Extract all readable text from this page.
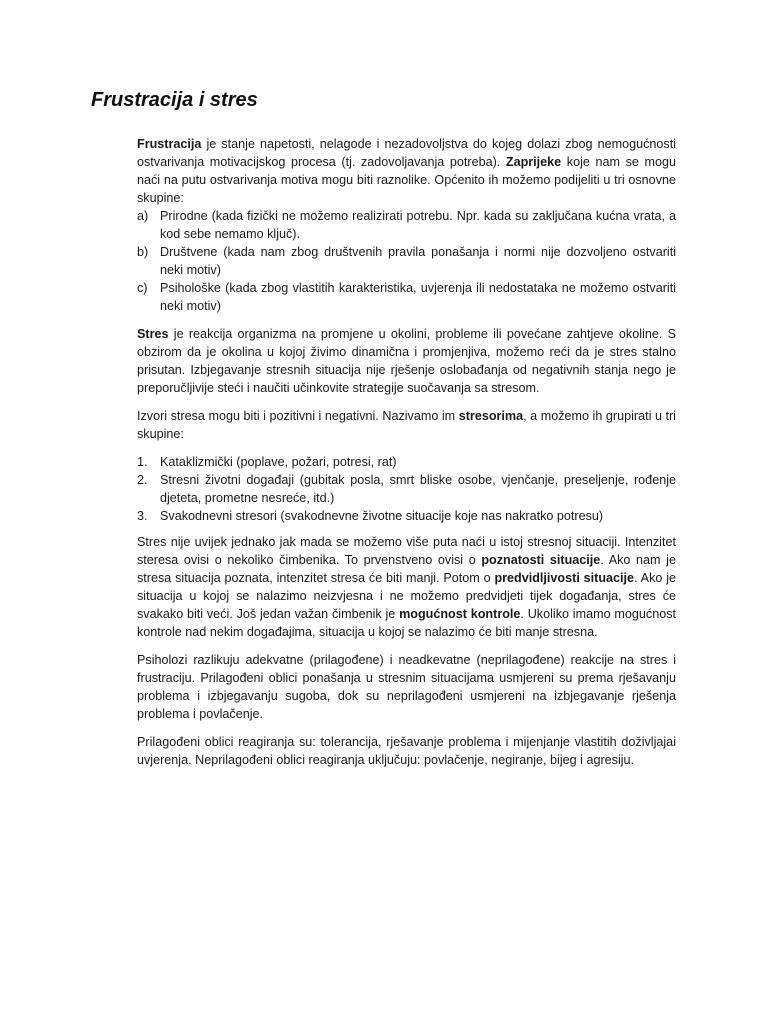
Frustracija i stres

Frustracija je stanje napetosti, nelagode i nezadovoljstva do kojeg dolazi zbog nemogućnosti ostvarivanja motivacijskog procesa (tj. zadovoljavanja potreba). Zaprijeke koje nam se mogu naći na putu ostvarivanja motiva mogu biti raznolike. Općenito ih možemo podijeliti u tri osnovne skupine:

a) Prirodne (kada fizički ne možemo realizirati potrebu. Npr. kada su zaključana kućna vrata, a kod sebe nemamo ključ).
b) Društvene (kada nam zbog društvenih pravila ponašanja i normi nije dozvoljeno ostvariti neki motiv)
c) Psihološke (kada zbog vlastitih karakteristika, uvjerenja ili nedostataka ne možemo ostvariti neki motiv)

Stres je reakcija organizma na promjene u okolini, probleme ili povećane zahtjeve okoline. S obzirom da je okolina u kojoj živimo dinamična i promjenjiva, možemo reći da je stres stalno prisutan. Izbjegavanje stresnih situacija nije rješenje oslobađanja od negativnih stanja nego je preporučljivije steći i naučiti učinkovite strategije suočavanja sa stresom.

Izvori stresa mogu biti i pozitivni i negativni. Nazivamo im stresorima, a možemo ih grupirati u tri skupine:

1. Kataklizmički (poplave, požari, potresi, rat)
2. Stresni životni događaji (gubitak posla, smrt bliske osobe, vjenčanje, preseljenje, rođenje djeteta, prometne nesreće, itd.)
3. Svakodnevni stresori (svakodnevne životne situacije koje nas nakratko potresu)

Stres nije uvijek jednako jak mada se možemo više puta naći u istoj stresnoj situaciji. Intenzitet steresa ovisi o nekoliko čimbenika. To prvenstveno ovisi o poznatosti situacije. Ako nam je stresa situacija poznata, intenzitet stresa će biti manji. Potom o predvidljivosti situacije. Ako je situacija u kojoj se nalazimo neizvjesna i ne možemo predvidjeti tijek događanja, stres će svakako biti veći. Još jedan važan čimbenik je mogućnost kontrole. Ukoliko imamo mogućnost kontrole nad nekim događajima, situacija u kojoj se nalazimo će biti manje stresna.

Psiholozi razlikuju adekvatne (prilagođene) i neadkevatne (neprilagođene) reakcije na stres i frustraciju. Prilagođeni oblici ponašanja u stresnim situacijama usmjereni su prema rješavanju problema i izbjegavanju sugoba, dok su neprilagođeni usmjereni na izbjegavanje rješenja problema i povlačenje.

Prilagođeni oblici reagiranja su: tolerancija, rješavanje problema i mijenjanje vlastitih doživljajai uvjerenja. Neprilagođeni oblici reagiranja uključuju: povlačenje, negiranje, bijeg i agresiju.
